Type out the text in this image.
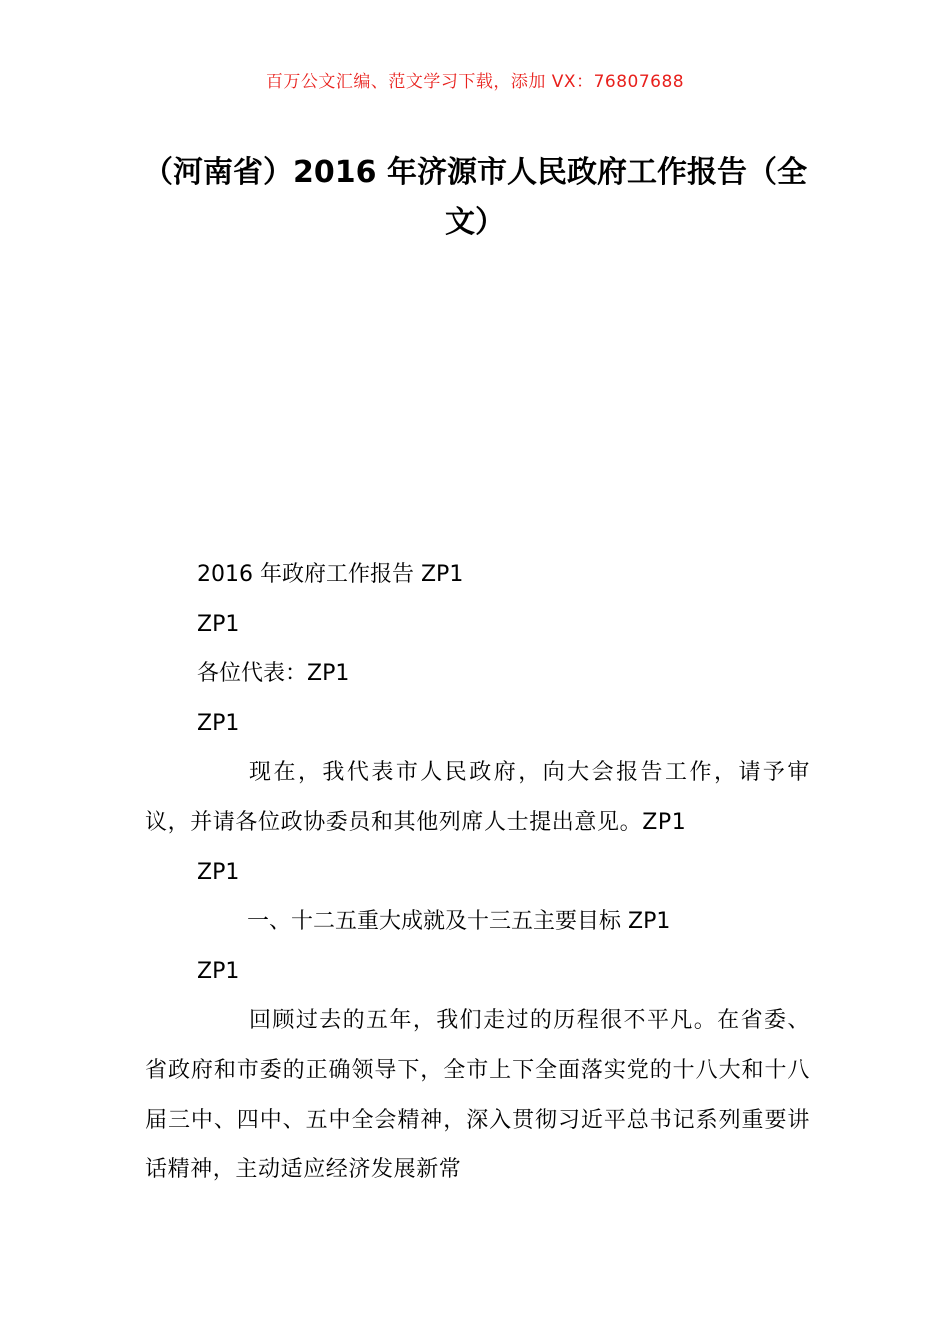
百万公文汇编、范文学习下载，添加 VX：76807688
（河南省）2016 年济源市人民政府工作报告（全文）

2016 年政府工作报告 ZP1

ZP1

各位代表：ZP1

ZP1

现在，我代表市人民政府，向大会报告工作，请予审议，并请各位政协委员和其他列席人士提出意见。ZP1

ZP1

一、十二五重大成就及十三五主要目标 ZP1

ZP1

回顾过去的五年，我们走过的历程很不平凡。在省委、省政府和市委的正确领导下，全市上下全面落实党的十八大和十八届三中、四中、五中全会精神，深入贯彻习近平总书记系列重要讲话精神，主动适应经济发展新常
